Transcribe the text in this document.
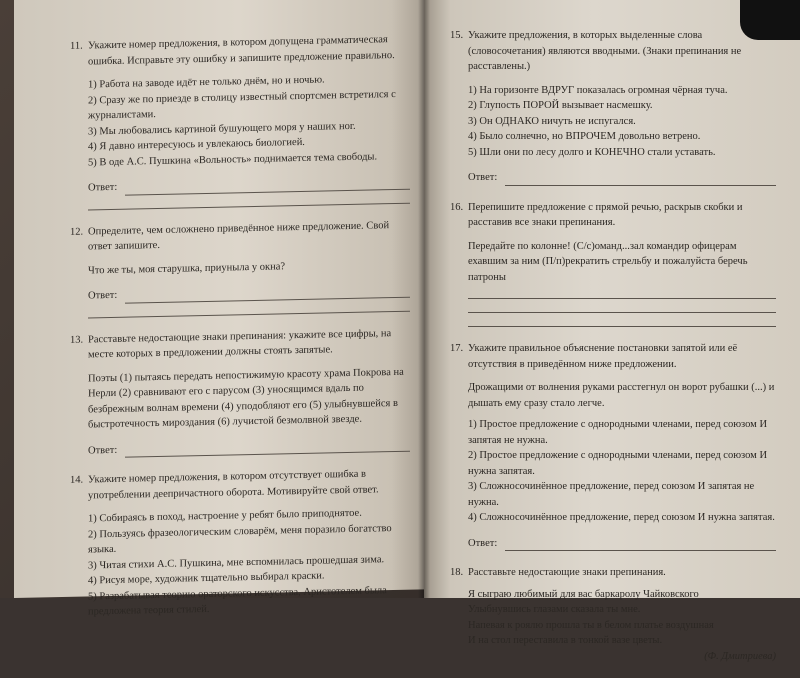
11. Укажите номер предложения, в котором допущена грамматическая ошибка. Исправьте эту ошибку и запишите предложение правильно.
1) Работа на заводе идёт не только днём, но и ночью.
2) Сразу же по приезде в столицу известный спортсмен встретился с журналистами.
3) Мы любовались картиной бушующего моря у наших ног.
4) Я давно интересуюсь и увлекаюсь биологией.
5) В оде А.С. Пушкина «Вольность» поднимается тема свободы.
Ответ:
12. Определите, чем осложнено приведённое ниже предложение. Свой ответ запишите.
Что же ты, моя старушка, приуныла у окна?
Ответ:
13. Расставьте недостающие знаки препинания: укажите все цифры, на месте которых в предложении должны стоять запятые.
Поэты (1) пытаясь передать непостижимую красоту храма Покрова на Нерли (2) сравнивают его с парусом (3) уносящимся вдаль по безбрежным волнам времени (4) уподобляют его (5) улыбнувшейся в быстротечность мироздания (6) лучистой безмолвной звезде.
Ответ:
14. Укажите номер предложения, в котором отсутствует ошибка в употреблении деепричастного оборота. Мотивируйте свой ответ.
1) Собираясь в поход, настроение у ребят было приподнятое.
2) Пользуясь фразеологическим словарём, меня поразило богатство языка.
3) Читая стихи А.С. Пушкина, мне вспомнилась прошедшая зима.
4) Рисуя море, художник тщательно выбирал краски.
5) Разрабатывая теорию ораторского искусства, Аристотелем была предложена теория стилей.
15. Укажите предложения, в которых выделенные слова (словосочетания) являются вводными. (Знаки препинания не расставлены.)
1) На горизонте ВДРУГ показалась огромная чёрная туча.
2) Глупость ПОРОЙ вызывает насмешку.
3) Он ОДНАКО ничуть не испугался.
4) Было солнечно, но ВПРОЧЕМ довольно ветрено.
5) Шли они по лесу долго и КОНЕЧНО стали уставать.
Ответ:
16. Перепишите предложение с прямой речью, раскрыв скобки и расставив все знаки препинания.
Передайте по колонне! (С/с)оманд...зал командир офицерам ехавшим за ним (П/п)рекратить стрельбу и пожалуйста беречь патроны
17. Укажите правильное объяснение постановки запятой или её отсутствия в приведённом ниже предложении.
Дрожащими от волнения руками расстегнул он ворот рубашки (...) и дышать ему сразу стало легче.
1) Простое предложение с однородными членами, перед союзом И запятая не нужна.
2) Простое предложение с однородными членами, перед союзом И нужна запятая.
3) Сложносочинённое предложение, перед союзом И запятая не нужна.
4) Сложносочинённое предложение, перед союзом И нужна запятая.
Ответ:
18. Расставьте недостающие знаки препинания.
Я сыграю любимый для вас баркаролу Чайковского
Улыбнувшись глазами сказала ты мне.
Напевая к роялю прошла ты в белом платье воздушная
И на стол переставила в тонкой вазе цветы.
(Ф. Дмитриева)
